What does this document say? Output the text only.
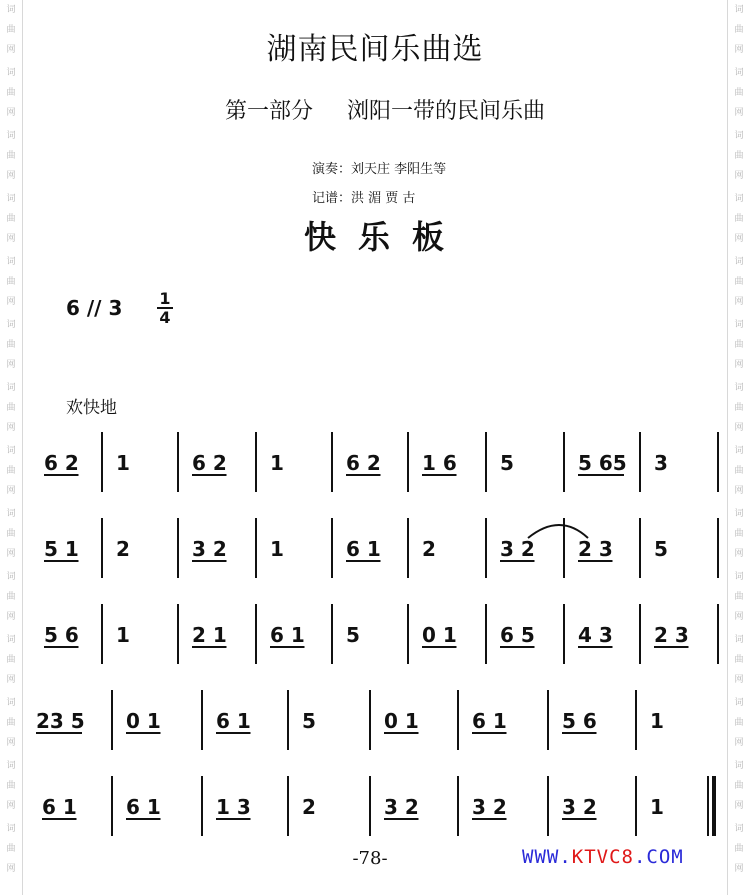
词
曲
网
词
曲
网
词
曲
网
词
曲
网
词
曲
网
词
曲
网
词
曲
网
词
曲
网
词
曲
网
词
曲
网
词
曲
网
词
曲
网
词
曲
网
词
曲
网
词
曲
网
词
曲
网
词
曲
网
词
曲
网
词
曲
网
词
曲
网
词
曲
网
词
曲
网
词
曲
网
词
曲
网
词
曲
网
词
曲
网
词
曲
网
词
曲
网
湖南民间乐曲选
第一部分 浏阳一带的民间乐曲
演奏：刘天庄 李阳生等
记谱：洪 湄 贾 古
快乐板
6 // 3 1
4
欢快地
6 2 1	6 2 1	6 2 1 6 5	5 65 3
5 1 2	3 2 1	6 1 2	3 2 2 3 5
5 6 1	2 1 6 1 5	0 1 6 5 4 3 2 3
23 5 0 1	6 1	5	0 1	6 1	5 6	1
6 1 6 1	1 3	2	3 2	3 2	3 2	1
-78-	WWW.KTVC8.COM
